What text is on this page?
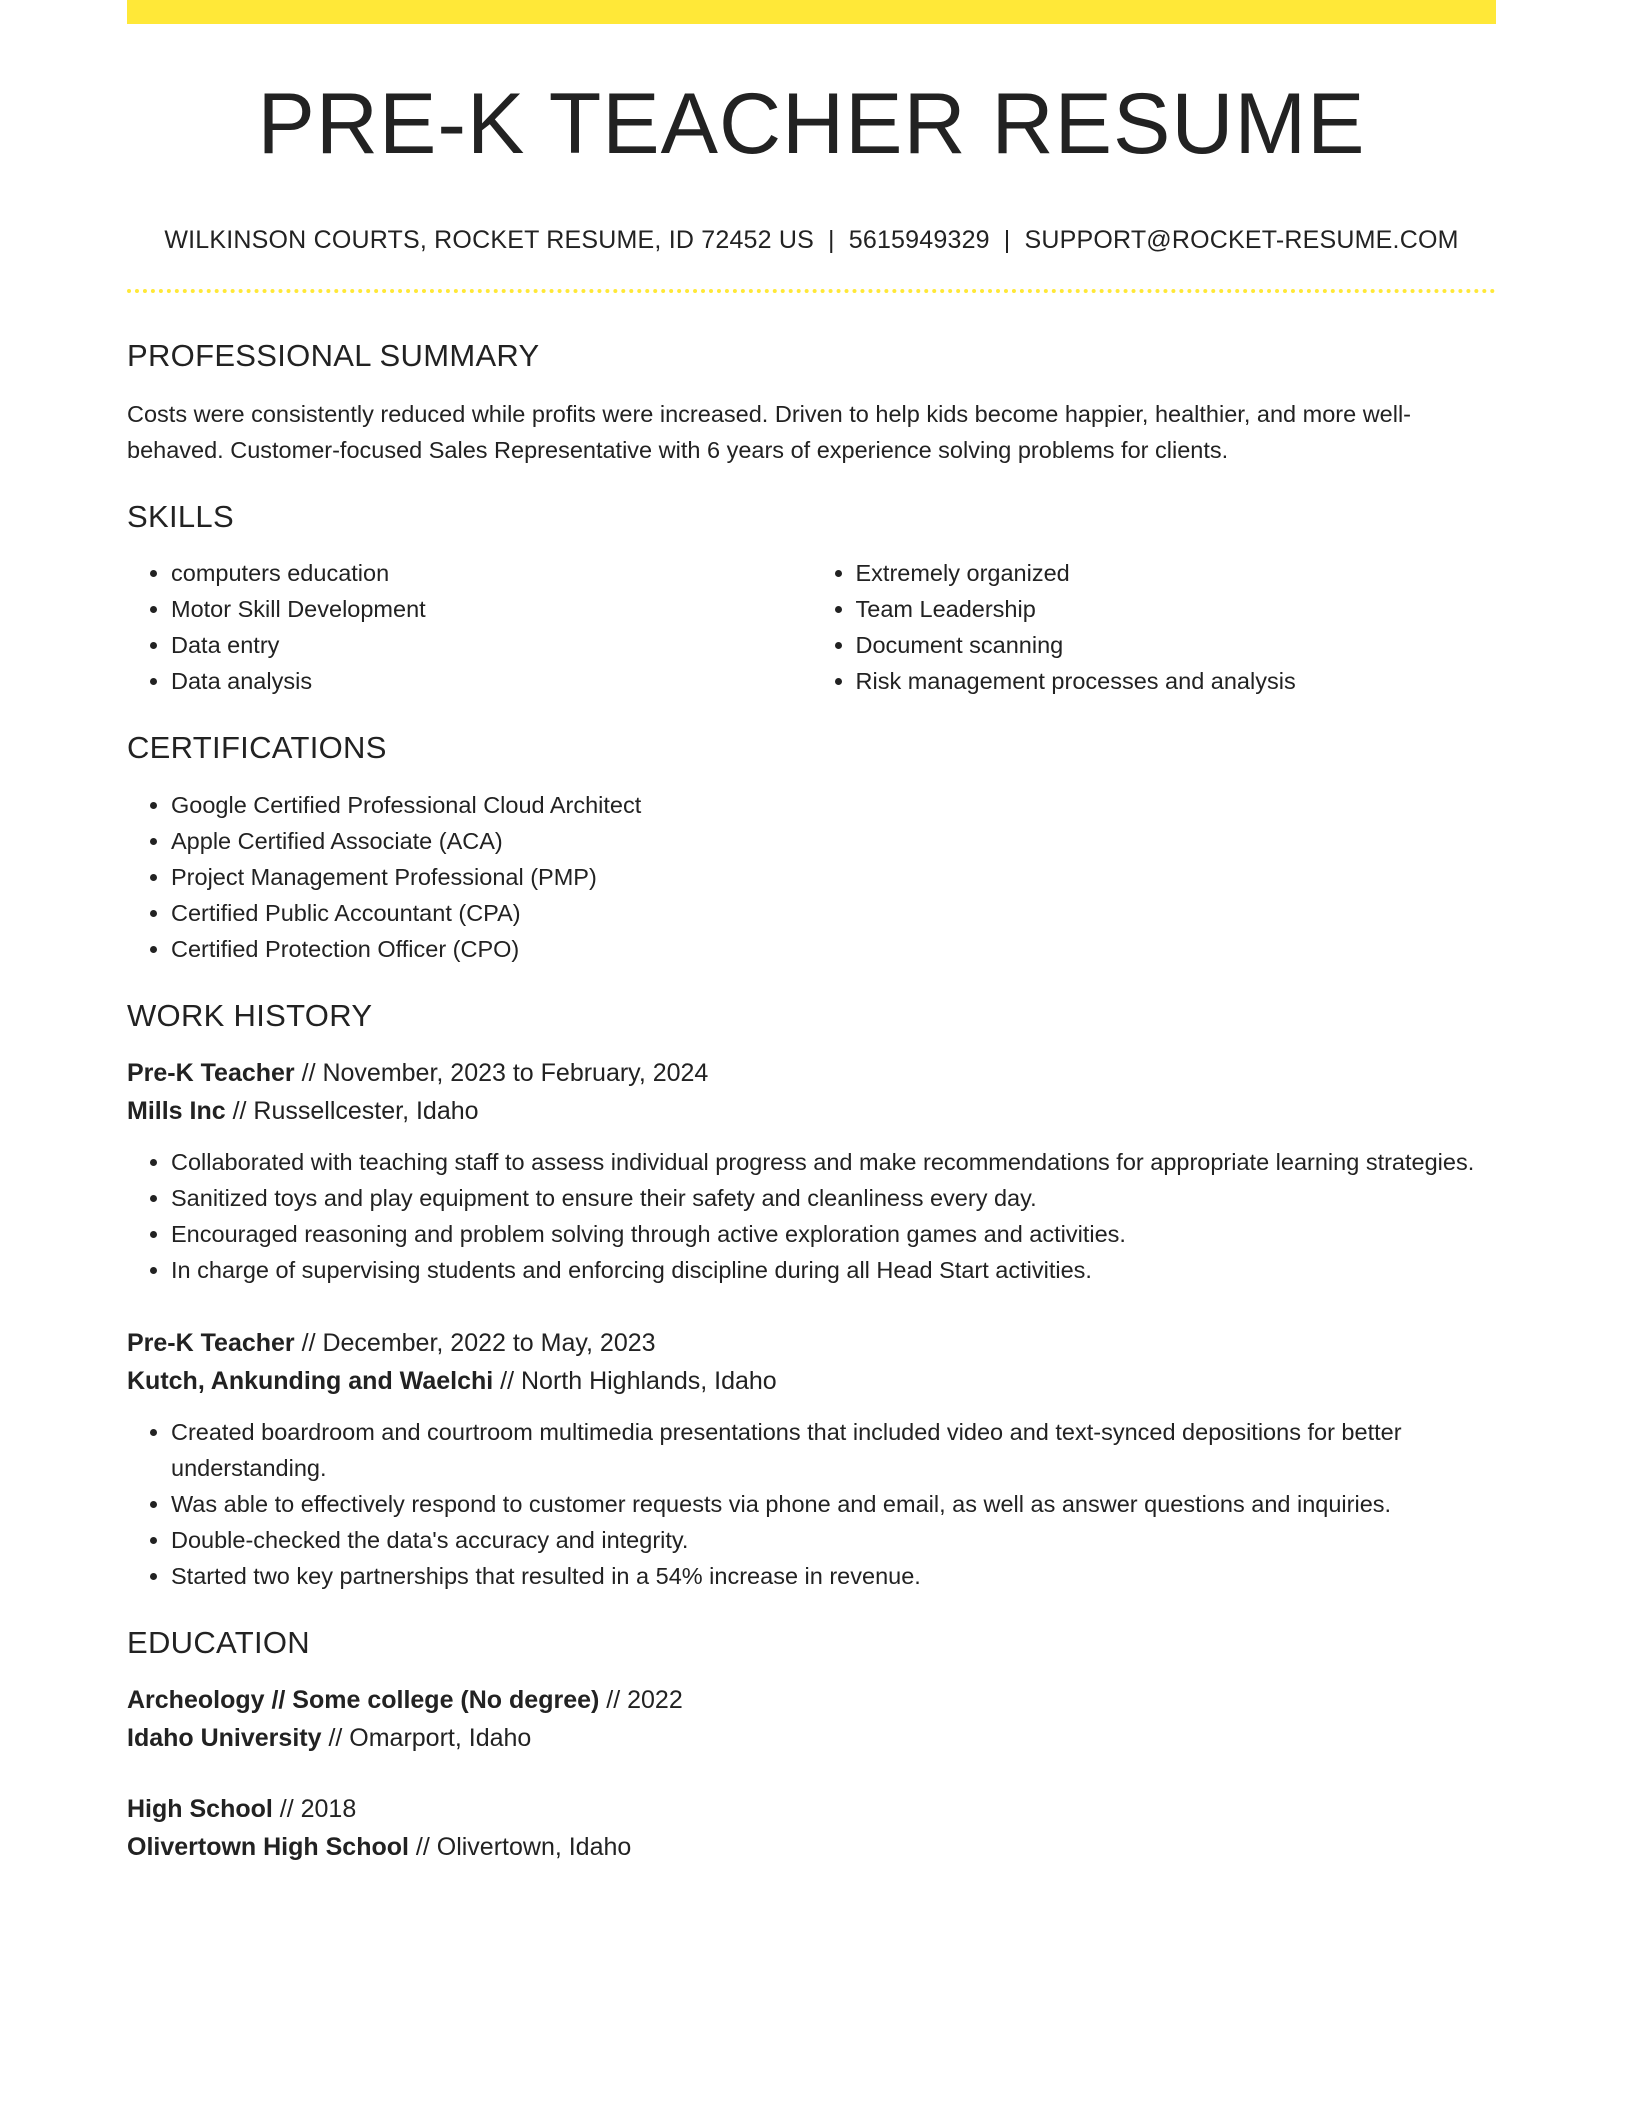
PRE-K TEACHER RESUME
WILKINSON COURTS, ROCKET RESUME, ID 72452 US | 5615949329 | SUPPORT@ROCKET-RESUME.COM
PROFESSIONAL SUMMARY
Costs were consistently reduced while profits were increased. Driven to help kids become happier, healthier, and more well-behaved. Customer-focused Sales Representative with 6 years of experience solving problems for clients.
SKILLS
• computers education
• Motor Skill Development
• Data entry
• Data analysis
• Extremely organized
• Team Leadership
• Document scanning
• Risk management processes and analysis
CERTIFICATIONS
• Google Certified Professional Cloud Architect
• Apple Certified Associate (ACA)
• Project Management Professional (PMP)
• Certified Public Accountant (CPA)
• Certified Protection Officer (CPO)
WORK HISTORY
Pre-K Teacher // November, 2023 to February, 2024
Mills Inc // Russellcester, Idaho
• Collaborated with teaching staff to assess individual progress and make recommendations for appropriate learning strategies.
• Sanitized toys and play equipment to ensure their safety and cleanliness every day.
• Encouraged reasoning and problem solving through active exploration games and activities.
• In charge of supervising students and enforcing discipline during all Head Start activities.
Pre-K Teacher // December, 2022 to May, 2023
Kutch, Ankunding and Waelchi // North Highlands, Idaho
• Created boardroom and courtroom multimedia presentations that included video and text-synced depositions for better understanding.
• Was able to effectively respond to customer requests via phone and email, as well as answer questions and inquiries.
• Double-checked the data's accuracy and integrity.
• Started two key partnerships that resulted in a 54% increase in revenue.
EDUCATION
Archeology // Some college (No degree) // 2022
Idaho University // Omarport, Idaho
High School // 2018
Olivertown High School // Olivertown, Idaho
